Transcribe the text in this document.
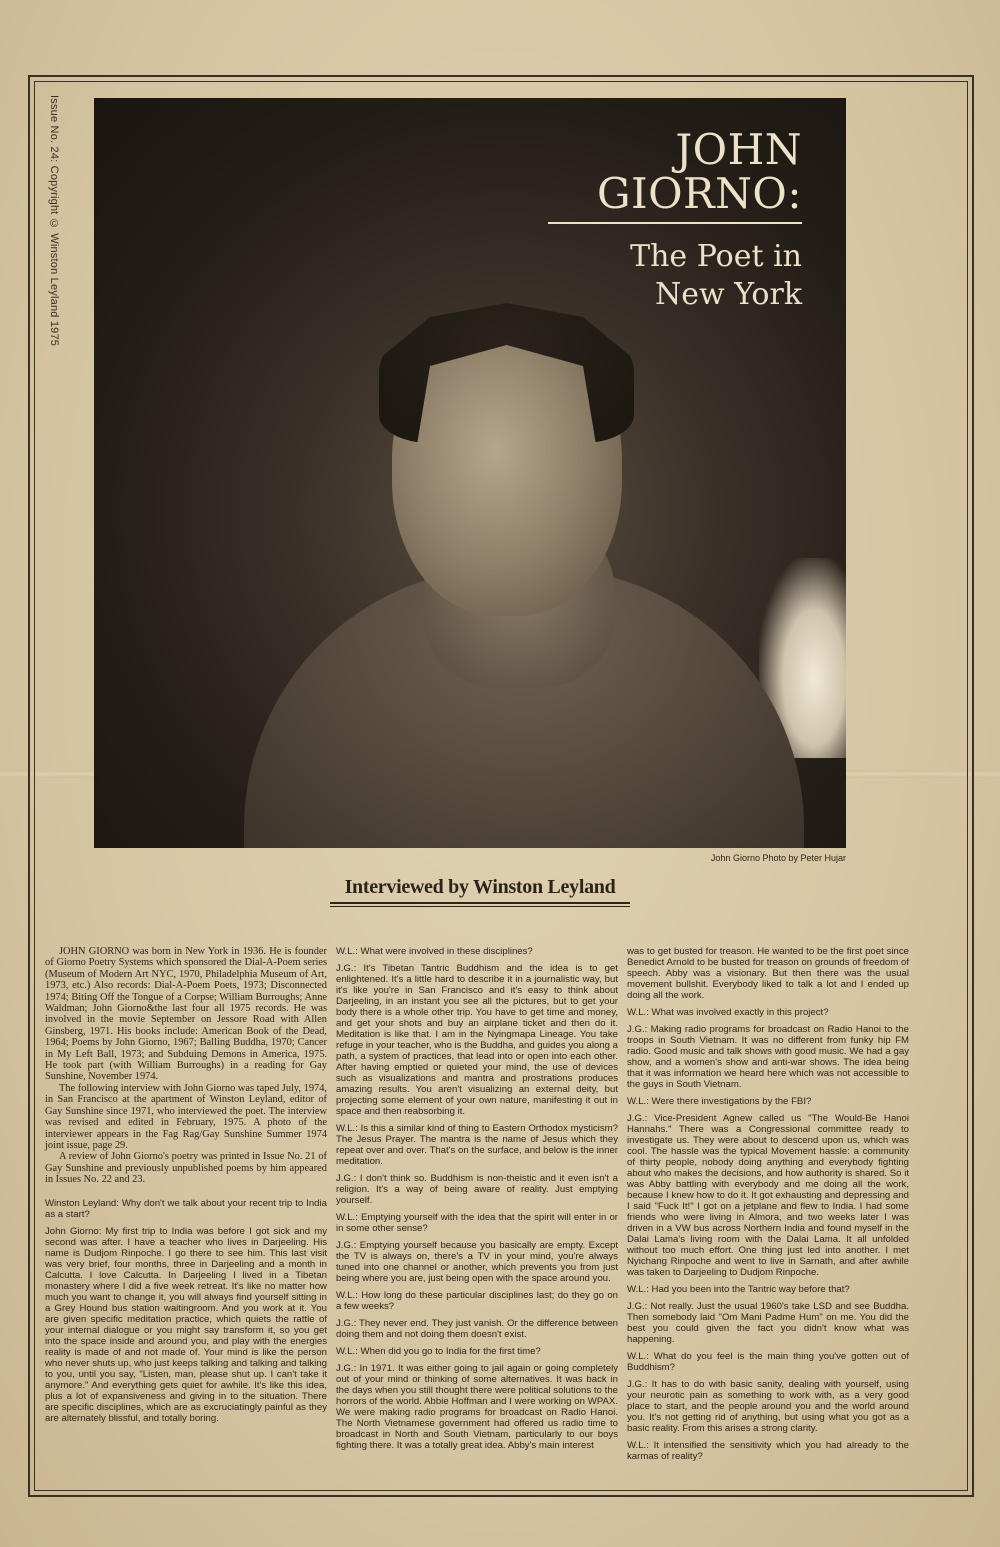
Issue No. 24: Copyright © Winston Leyland 1975	JOHN
GIORNO:
The Poet in
New York
John Giorno Photo by Peter Hujar
Interviewed by Winston Leyland

JOHN GIORNO was born in New York in 1936. He is founder of Giorno Poetry Systems which sponsored the Dial-A-Poem series (Museum of Modern Art NYC, 1970, Philadelphia Museum of Art, 1973, etc.) Also records: Dial-A-Poem Poets, 1973; Disconnected 1974; Biting Off the Tongue of a Corpse; William Burroughs; Anne Waldman; John Giorno&the last four all 1975 records. He was involved in the movie September on Jessore Road with Allen Ginsberg, 1971. His books include: American Book of the Dead, 1964; Poems by John Giorno, 1967; Balling Buddha, 1970; Cancer in My Left Ball, 1973; and Subduing Demons in America, 1975. He took part (with William Burroughs) in a reading for Gay Sunshine, November 1974.

The following interview with John Giorno was taped July, 1974, in San Francisco at the apartment of Winston Leyland, editor of Gay Sunshine since 1971, who interviewed the poet. The interview was revised and edited in February, 1975. A photo of the interviewer appears in the Fag Rag/Gay Sunshine Summer 1974 joint issue, page 29.

A review of John Giorno's poetry was printed in Issue No. 21 of Gay Sunshine and previously unpublished poems by him appeared in Issues No. 22 and 23.

Winston Leyland: Why don't we talk about your recent trip to India as a start?

John Giorno: My first trip to India was before I got sick and my second was after. I have a teacher who lives in Darjeeling. His name is Dudjom Rinpoche. I go there to see him. This last visit was very brief, four months, three in Darjeeling and a month in Calcutta. I love Calcutta. In Darjeeling I lived in a Tibetan monastery where I did a five week retreat. It's like no matter how much you want to change it, you will always find yourself sitting in a Grey Hound bus station waitingroom. And you work at it. You are given specific meditation practice, which quiets the rattle of your internal dialogue or you might say transform it, so you get into the space inside and around you, and play with the energies reality is made of and not made of. Your mind is like the person who never shuts up, who just keeps talking and talking and talking to you, until you say, "Listen, man, please shut up. I can't take it anymore." And everything gets quiet for awhile. It's like this idea, plus a lot of expansiveness and giving in to the situation. There are specific disciplines, which are as excruciatingly painful as they are alternately blissful, and totally boring.

W.L.: What were involved in these disciplines?

J.G.: It's Tibetan Tantric Buddhism and the idea is to get enlightened. It's a little hard to describe it in a journalistic way, but it's like you're in San Francisco and it's easy to think about Darjeeling, in an instant you see all the pictures, but to get your body there is a whole other trip. You have to get time and money, and get your shots and buy an airplane ticket and then do it. Meditation is like that. I am in the Nyingmapa Lineage. You take refuge in your teacher, who is the Buddha, and guides you along a path, a system of practices, that lead into or open into each other. After having emptied or quieted your mind, the use of devices such as visualizations and mantra and prostrations produces amazing results. You aren't visualizing an external deity, but projecting some element of your own nature, manifesting it out in space and then reabsorbing it.

W.L.: Is this a similar kind of thing to Eastern Orthodox mysticism? The Jesus Prayer. The mantra is the name of Jesus which they repeat over and over. That's on the surface, and below is the inner meditation.

J.G.: I don't think so. Buddhism is non-theistic and it even isn't a religion. It's a way of being aware of reality. Just emptying yourself.

W.L.: Emptying yourself with the idea that the spirit will enter in or in some other sense?

J.G.: Emptying yourself because you basically are empty. Except the TV is always on, there's a TV in your mind, you're always tuned into one channel or another, which prevents you from just being where you are, just being open with the space around you.

W.L.: How long do these particular disciplines last; do they go on a few weeks?

J.G.: They never end. They just vanish. Or the difference between doing them and not doing them doesn't exist.

W.L.: When did you go to India for the first time?

J.G.: In 1971. It was either going to jail again or going completely out of your mind or thinking of some alternatives. It was back in the days when you still thought there were political solutions to the horrors of the world. Abbie Hoffman and I were working on WPAX. We were making radio programs for broadcast on Radio Hanoi. The North Vietnamese government had offered us radio time to broadcast in North and South Vietnam, particularly to our boys fighting there. It was a totally great idea. Abby's main interest

was to get busted for treason. He wanted to be the first poet since Benedict Arnold to be busted for treason on grounds of freedom of speech. Abby was a visionary. But then there was the usual movement bullshit. Everybody liked to talk a lot and I ended up doing all the work.

W.L.: What was involved exactly in this project?

J.G.: Making radio programs for broadcast on Radio Hanoi to the troops in South Vietnam. It was no different from funky hip FM radio. Good music and talk shows with good music. We had a gay show, and a women's show and anti-war shows. The idea being that it was information we heard here which was not accessible to the guys in South Vietnam.

W.L.: Were there investigations by the FBI?

J.G.: Vice-President Agnew called us "The Would-Be Hanoi Hannahs." There was a Congressional committee ready to investigate us. They were about to descend upon us, which was cool. The hassle was the typical Movement hassle: a community of thirty people, nobody doing anything and everybody fighting about who makes the decisions, and how authority is shared. So it was Abby battling with everybody and me doing all the work, because I knew how to do it. It got exhausting and depressing and I said "Fuck It!" I got on a jetplane and flew to India. I had some friends who were living in Almora, and two weeks later I was driven in a VW bus across Northern India and found myself in the Dalai Lama's living room with the Dalai Lama. It all unfolded without too much effort. One thing just led into another. I met Nyichang Rinpoche and went to live in Sarnath, and after awhile was taken to Darjeeling to Dudjom Rinpoche.

W.L.: Had you been into the Tantric way before that?

J.G.: Not really. Just the usual 1960's take LSD and see Buddha. Then somebody laid "Om Mani Padme Hum" on me. You did the best you could given the fact you didn't know what was happening.

W.L.: What do you feel is the main thing you've gotten out of Buddhism?

J.G.: It has to do with basic sanity, dealing with yourself, using your neurotic pain as something to work with, as a very good place to start, and the people around you and the world around you. It's not getting rid of anything, but using what you got as a basic reality. From this arises a strong clarity.

W.L.: It intensified the sensitivity which you had already to the karmas of reality?
